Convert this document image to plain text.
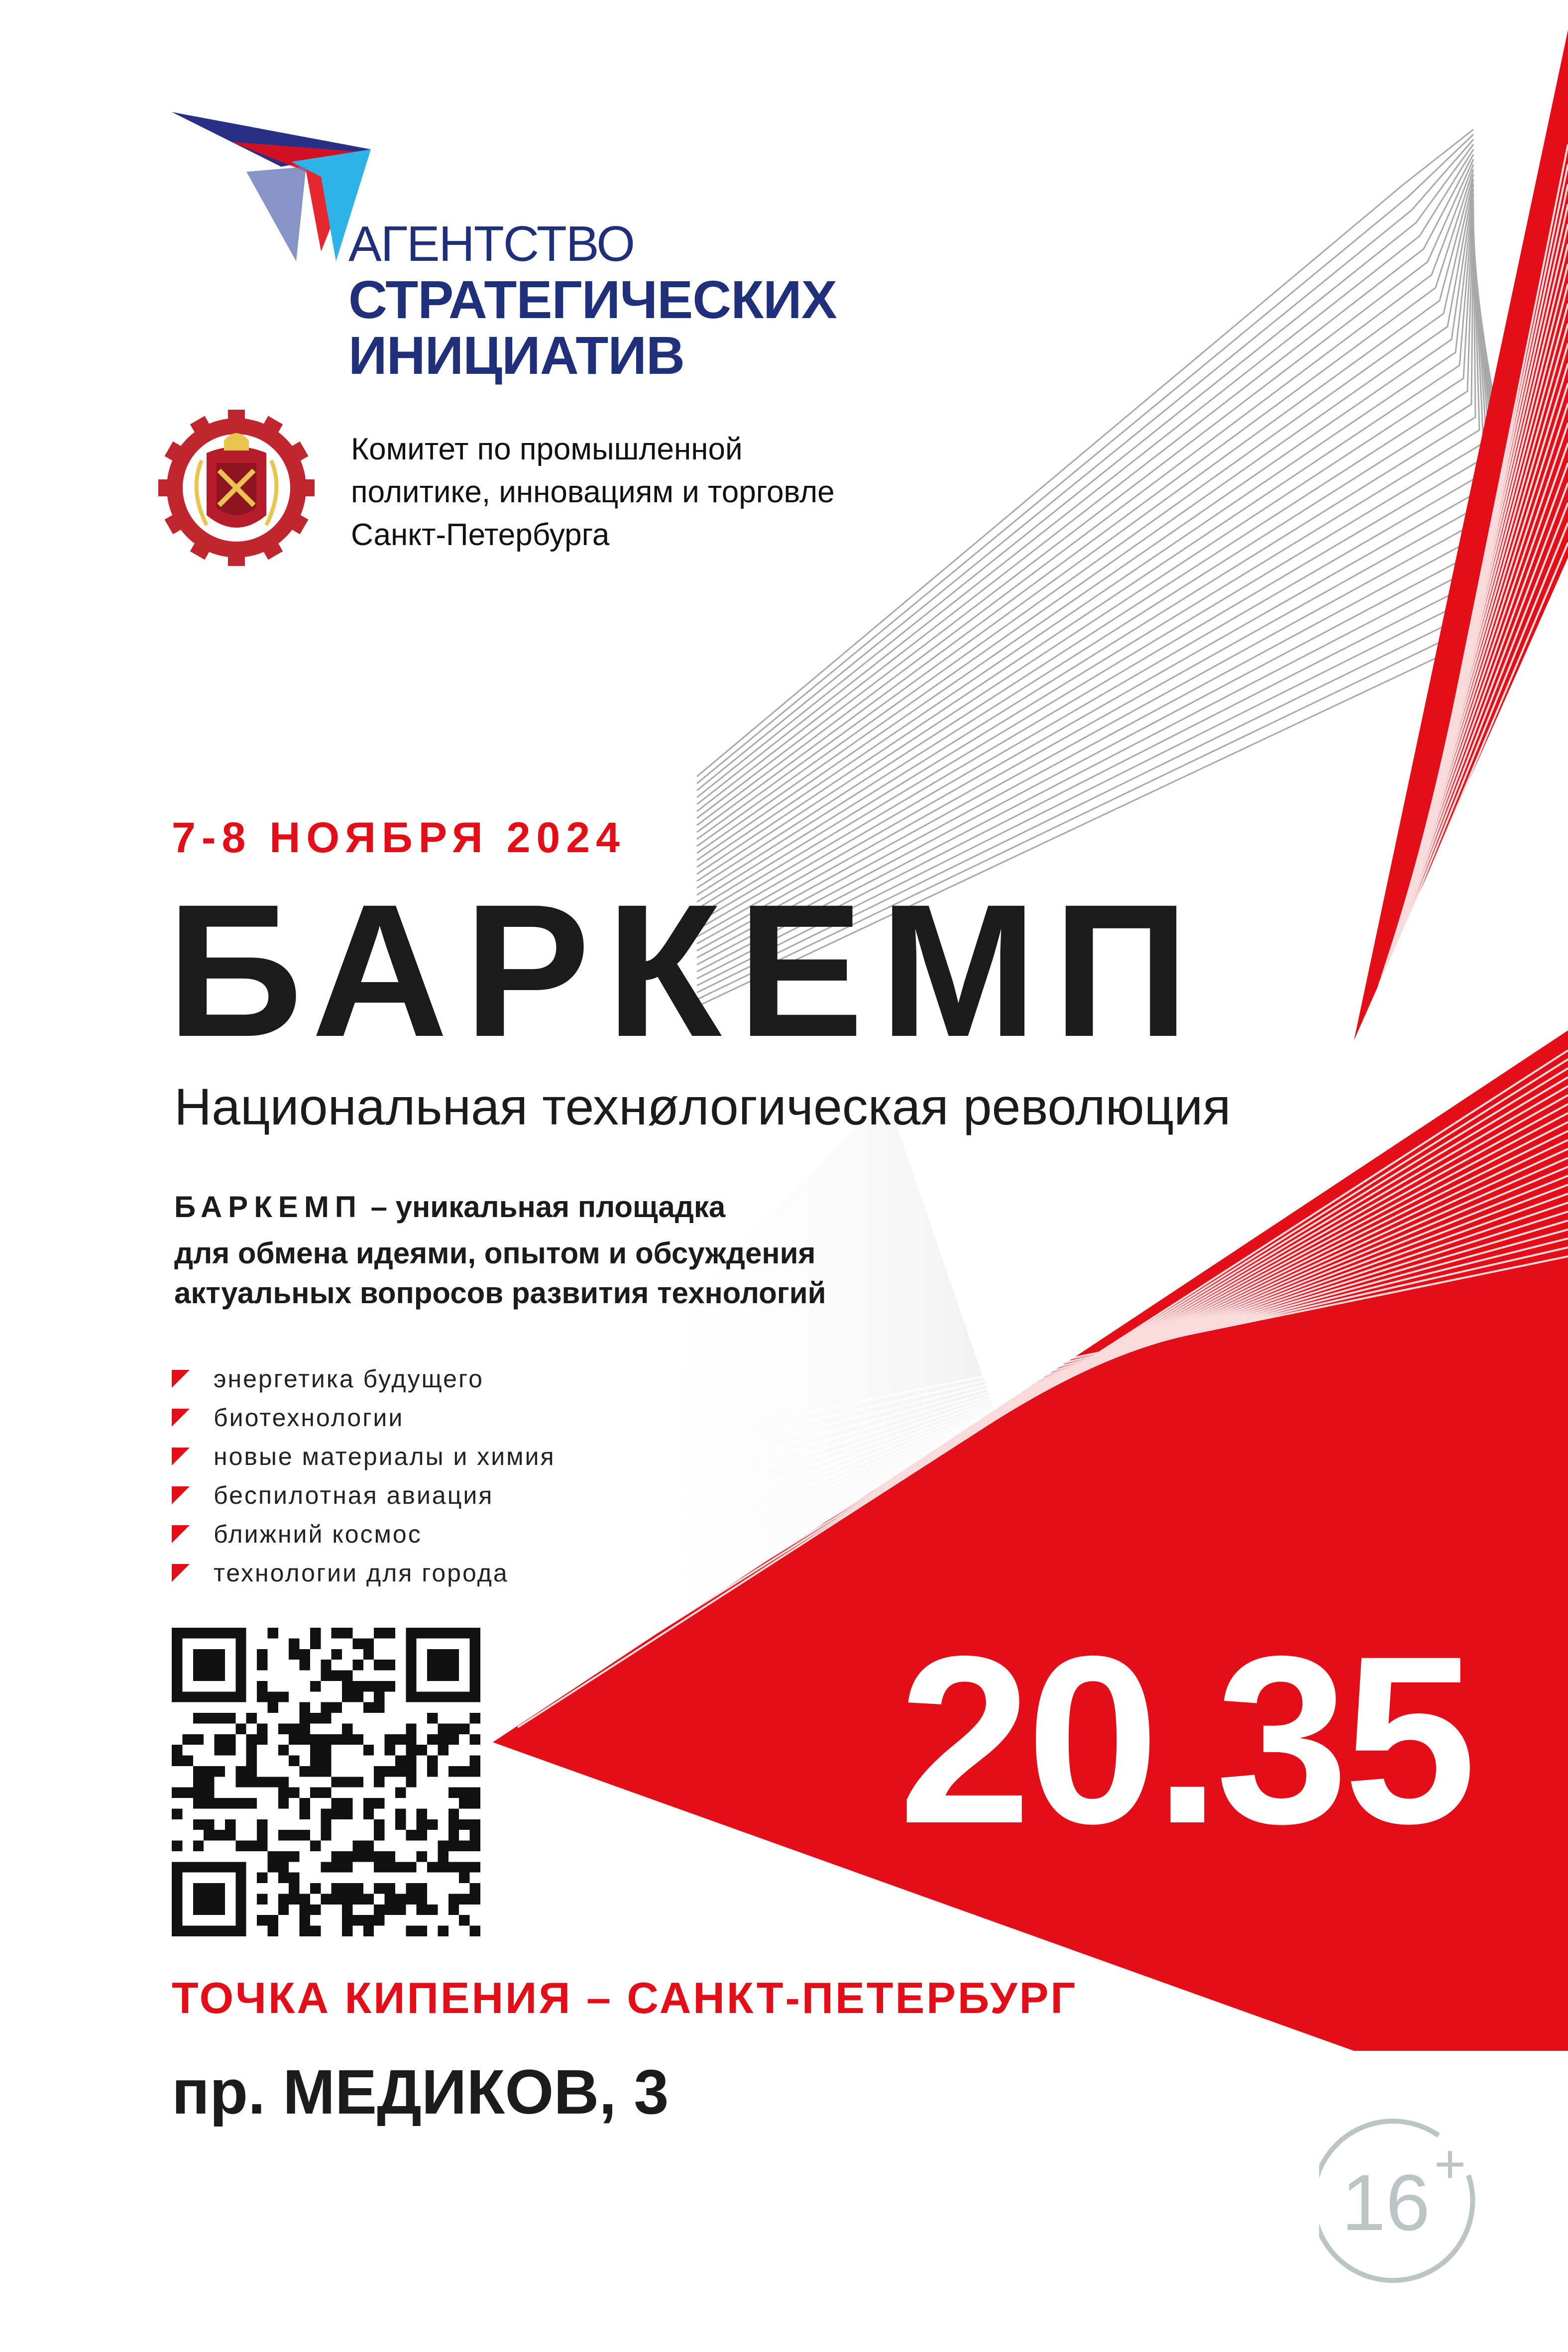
АГЕНТСТВО
СТРАТЕГИЧЕСКИХ
ИНИЦИАТИВ
Комитет по промышленной
политике, инновациям и торговле
Санкт-Петербурга
7-8 НОЯБРЯ 2024
БАРКЕМП
Национальная технøлогическая революция
БАРКЕМП – уникальная площадка
для обмена идеями, опытом и обсуждения
актуальных вопросов развития технологий
энергетика будущего
биотехнологии
новые материалы и химия
беспилотная авиация
ближний космос
технологии для города
20.35
ТОЧКА КИПЕНИЯ – САНКТ-ПЕТЕРБУРГ
пр. МЕДИКОВ, 3
16+
